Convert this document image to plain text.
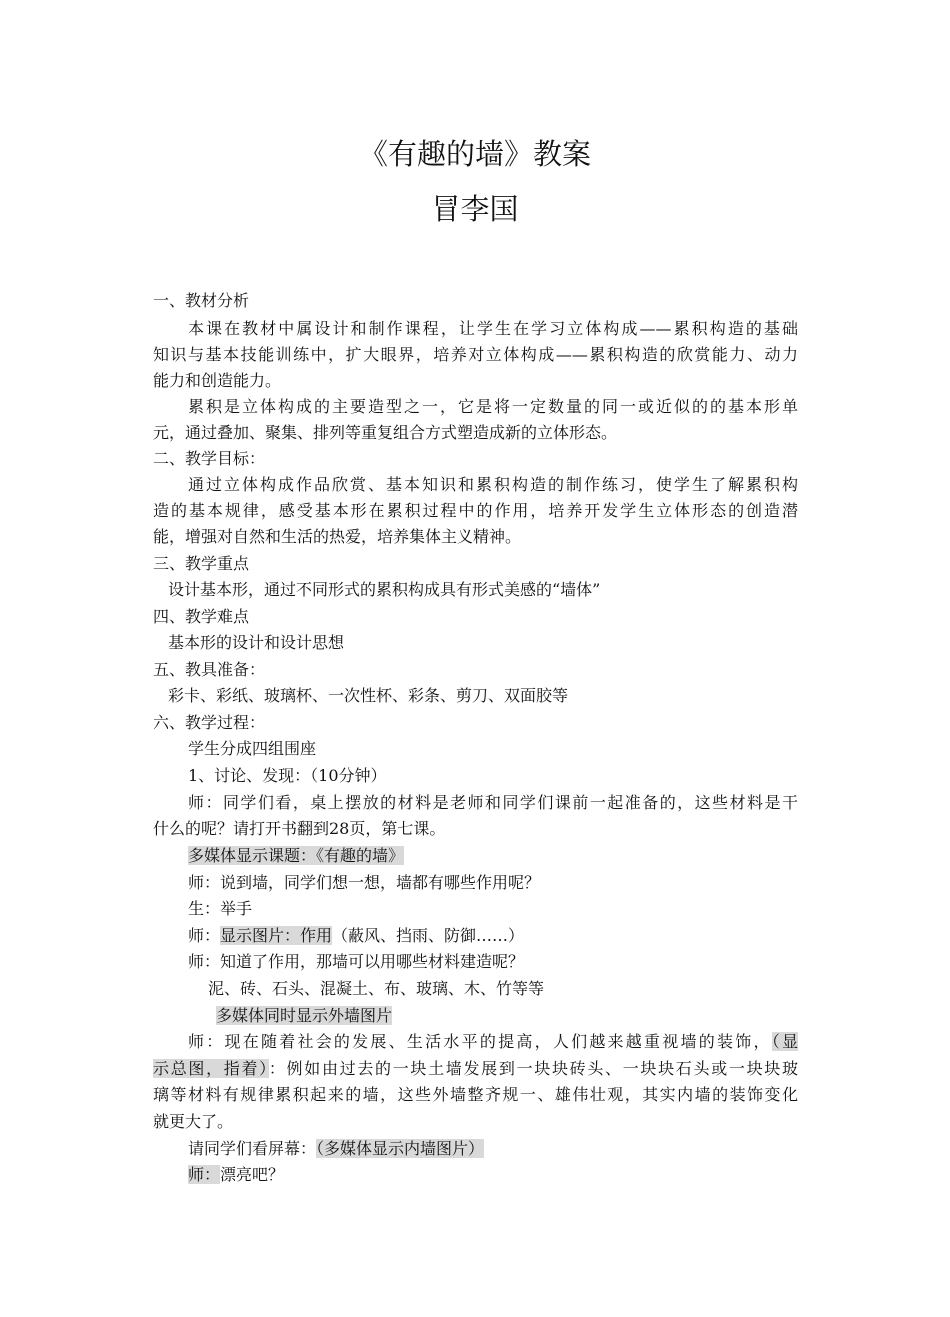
《有趣的墙》教案
冒李国
一、教材分析
本课在教材中属设计和制作课程，让学生在学习立体构成——累积构造的基础
知识与基本技能训练中，扩大眼界，培养对立体构成——累积构造的欣赏能力、动力
能力和创造能力。
累积是立体构成的主要造型之一，它是将一定数量的同一或近似的的基本形单
元，通过叠加、聚集、排列等重复组合方式塑造成新的立体形态。
二、教学目标：
通过立体构成作品欣赏、基本知识和累积构造的制作练习，使学生了解累积构
造的基本规律，感受基本形在累积过程中的作用，培养开发学生立体形态的创造潜
能，增强对自然和生活的热爱，培养集体主义精神。
三、教学重点
设计基本形，通过不同形式的累积构成具有形式美感的“墙体”
四、教学难点
基本形的设计和设计思想
五、教具准备：
彩卡、彩纸、玻璃杯、一次性杯、彩条、剪刀、双面胶等
六、教学过程：
学生分成四组围座
1、讨论、发现：（10分钟）
师：同学们看，桌上摆放的材料是老师和同学们课前一起准备的，这些材料是干
什么的呢？请打开书翻到28页，第七课。
多媒体显示课题：《有趣的墙》
师：说到墙，同学们想一想，墙都有哪些作用呢？
生：举手
师：显示图片：作用（蔽风、挡雨、防御……）
师：知道了作用，那墙可以用哪些材料建造呢？
泥、砖、石头、混凝土、布、玻璃、木、竹等等
多媒体同时显示外墙图片
师：现在随着社会的发展、生活水平的提高，人们越来越重视墙的装饰，（显
示总图，指着）：例如由过去的一块土墙发展到一块块砖头、一块块石头或一块块玻
璃等材料有规律累积起来的墙，这些外墙整齐规一、雄伟壮观，其实内墙的装饰变化
就更大了。
请同学们看屏幕：（多媒体显示内墙图片）
师：漂亮吧？
